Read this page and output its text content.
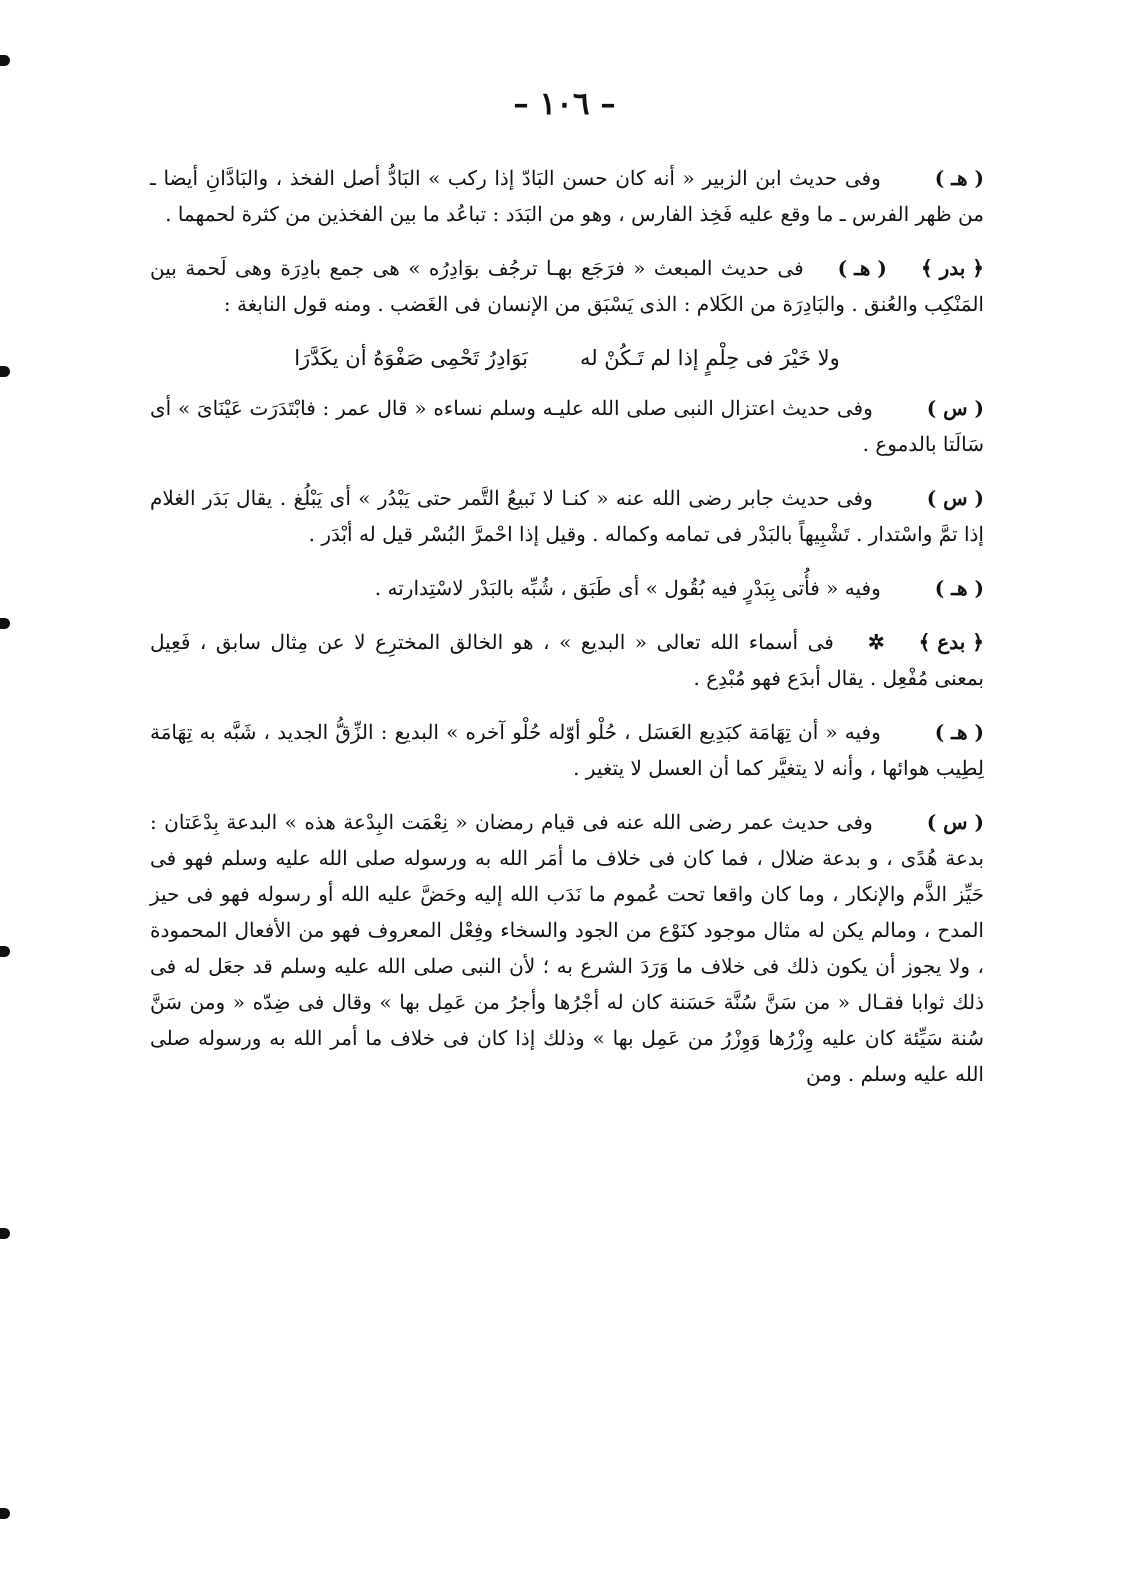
– ١٠٦ –

( هـ )وفى حديث ابن الزبير « أنه كان حسن البَادّ إذا ركب » البَادُّ أصل الفخذ ، والبَادَّانِ أيضا ـ من ظهر الفرس ـ ما وقع عليه فَخِذ الفارس ، وهو من البَدَد : تباعُد ما بين الفخذين من كثرة لحمهما .

﴿ بدر ﴾( هـ )فى حديث المبعث « فرَجَع بهـا ترجُف بوَادِرُه » هى جمع بادِرَة وهى لَحمة بين المَنْكِب والعُنق . والبَادِرَة من الكَلام : الذى يَسْبَق من الإنسان فى الغَضب . ومنه قول النابغة :

ولا خَيْرَ فى حِلْمٍ إذا لم تَـكُنْ لهبَوَادِرُ تَحْمِى صَفْوَهُ أن يكَدَّرَا

( س )وفى حديث اعتزال النبى صلى الله عليـه وسلم نساءه « قال عمر : فابْتَدَرَت عَيْنَاىَ » أى سَالَتا بالدموع .

( س )وفى حديث جابر رضى الله عنه « كنـا لا نَبيعُ التَّمر حتى يَبْدُر » أى يَبْلُغ . يقال بَدَر الغلام إذا تمَّ واسْتدار . تَشْبِيهاً بالبَدْر فى تمامه وكماله . وقيل إذا احْمرَّ البُسْر قيل له أبْدَر .

( هـ )وفيه « فأُتى بِبَدْرٍ فيه بُقُول » أى طَبَق ، شُبِّه بالبَدْر لاسْتِدارته .

﴿ بدع ﴾✲فى أسماء الله تعالى « البديع » ، هو الخالق المخترِع لا عن مِثال سابق ، فَعِيل بمعنى مُفْعِل . يقال أبدَع فهو مُبْدِع .

( هـ )وفيه « أن تِهَامَة كبَدِيع العَسَل ، حُلْو أوّله حُلْو آخره » البديع : الزِّقُّ الجديد ، شَبَّه به تِهَامَة لِطِيب هوائها ، وأنه لا يتغيَّر كما أن العسل لا يتغير .

( س )وفى حديث عمر رضى الله عنه فى قيام رمضان « نِعْمَت البِدْعة هذه » البدعة بِدْعَتان : بدعة هُدًى ، و بدعة ضلال ، فما كان فى خلاف ما أمَر الله به ورسوله صلى الله عليه وسلم فهو فى حَيِّز الذَّم والإنكار ، وما كان واقعا تحت عُموم ما نَدَب الله إليه وحَضَّ عليه الله أو رسوله فهو فى حيز المدح ، ومالم يكن له مثال موجود كنَوْع من الجود والسخاء وفِعْل المعروف فهو من الأفعال المحمودة ، ولا يجوز أن يكون ذلك فى خلاف ما وَرَدَ الشرع به ؛ لأن النبى صلى الله عليه وسلم قد جعَل له فى ذلك ثوابا فقـال « من سَنَّ سُنَّة حَسَنة كان له أجْرُها وأجرُ من عَمِل بها » وقال فى ضِدّه « ومن سَنَّ سُنة سَيِّئة كان عليه وِزْرُها وَوِزْرُ من عَمِل بها » وذلك إذا كان فى خلاف ما أمر الله به ورسوله صلى الله عليه وسلم . ومن
